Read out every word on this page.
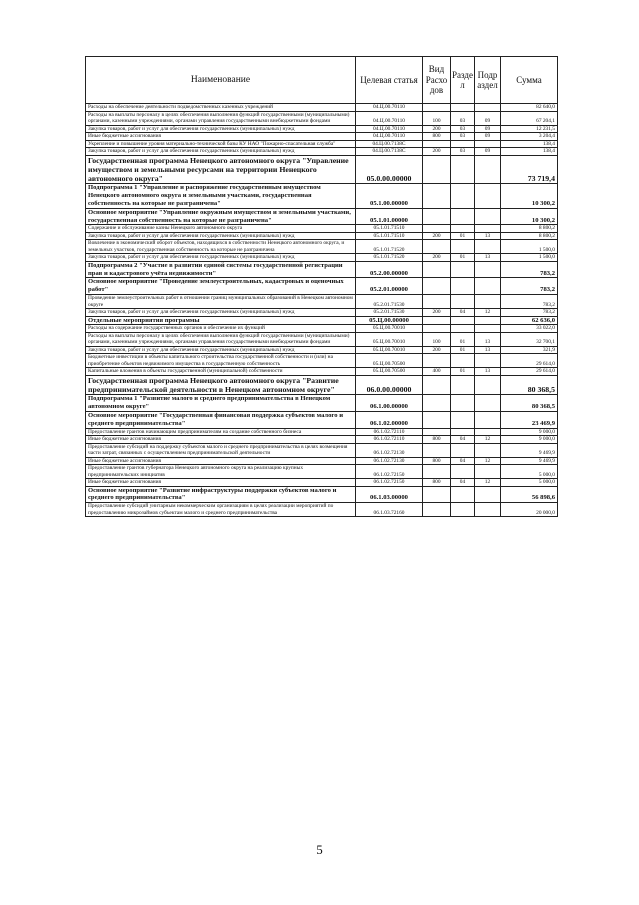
Наименование	Целевая статья	Вид Расхо дов	Разде л	Подр аздел	Сумма
Расходы на обеспечение деятельности подведомственных казенных учреждений	04.Ц.00.70110				82 640,0
Расходы на выплаты персоналу в целях обеспечения выполнения функций государственными (муниципальными) органами, казенными учреждениями, органами управления государственными внебюджетными фондами	04.Ц.00.70110	100	03	09	67 204,1
Закупка товаров, работ и услуг для обеспечения государственных (муниципальных) нужд	04.Ц.00.70110	200	03	09	12 231,5
Иные бюджетные ассигнования	04.Ц.00.70110	800	03	09	3 204,4
Укрепление и повышение уровня материально-технической базы КУ НАО "Пожарно-спасательная служба"	04.Ц.00.7138С				138,4
Закупка товаров, работ и услуг для обеспечения государственных (муниципальных) нужд	04.Ц.00.7138С	200	03	09	138,4
Государственная программа Ненецкого автономного округа "Управление имуществом и земельными ресурсами на территории Ненецкого автономного округа"	05.0.00.00000				73 719,4
Подпрограмма 1 "Управление и распоряжение государственным имуществом Ненецкого автономного округа и земельными участками, государственная собственность на которые не разграничена"	05.1.00.00000				10 300,2
Основное мероприятие "Управление окружным имуществом и земельными участками, государственная собственность на которые не разграничена"	05.1.01.00000				10 300,2
Содержание и обслуживание казны Ненецкого автономного округа	05.1.01.71510				8 800,2
Закупка товаров, работ и услуг для обеспечения государственных (муниципальных) нужд	05.1.01.71510	200	01	13	8 800,2
Вовлечение в экономический оборот объектов, находящихся в собственности Ненецкого автономного округа, и земельных участков, государственная собственность на которые не разграничена	05.1.01.71520				1 500,0
Закупка товаров, работ и услуг для обеспечения государственных (муниципальных) нужд	05.1.01.71520	200	01	13	1 500,0
Подпрограмма 2 "Участие в развитии единой системы государственной регистрации прав и кадастрового учёта недвижимости"	05.2.00.00000				783,2
Основное мероприятие "Проведение землеустроительных, кадастровых и оценочных работ"	05.2.01.00000				783,2
Проведение землеустроительных работ в отношении границ муниципальных образований в Ненецком автономном округе	05.2.01.71530				783,2
Закупка товаров, работ и услуг для обеспечения государственных (муниципальных) нужд	05.2.01.71530	200	04	12	783,2
Отдельные мероприятия программы	05.Ц.00.00000				62 636,0
Расходы на содержание государственных органов и обеспечение их функций	05.Ц.00.70010				33 022,0
Расходы на выплаты персоналу в целях обеспечения выполнения функций государственными (муниципальными) органами, казенными учреждениями, органами управления государственными внебюджетными фондами	05.Ц.00.70010	100	01	13	32 700,1
Закупка товаров, работ и услуг для обеспечения государственных (муниципальных) нужд	05.Ц.00.70010	200	01	13	321,9
Бюджетные инвестиции в объекты капитального строительства государственной собственности и (или) на приобретение объектов недвижимого имущества в государственную собственность	05.Ц.00.70500				29 614,0
Капитальные вложения в объекты государственной (муниципальной) собственности	05.Ц.00.70500	400	01	13	29 614,0
Государственная программа Ненецкого автономного округа "Развитие предпринимательской деятельности в Ненецком автономном округе"	06.0.00.00000				80 368,5
Подпрограмма 1 "Развитие малого и среднего предпринимательства в Ненецком автономном округе"	06.1.00.00000				80 368,5
Основное мероприятие "Государственная финансовая поддержка субъектов малого и среднего предпринимательства"	06.1.02.00000				23 469,9
Предоставление грантов начинающим предпринимателям на создание собственного бизнеса	06.1.02.72110				9 000,0
Иные бюджетные ассигнования	06.1.02.72110	800	04	12	9 000,0
Предоставление субсидий на поддержку субъектов малого и среднего предпринимательства в целях возмещения части затрат, связанных с осуществлением предпринимательской деятельности	06.1.02.72130				9 469,9
Иные бюджетные ассигнования	06.1.02.72130	800	04	12	9 469,9
Предоставление грантов губернатора Ненецкого автономного округа на реализацию крупных предпринимательских инициатив	06.1.02.72150				5 000,0
Иные бюджетные ассигнования	06.1.02.72150	800	04	12	5 000,0
Основное мероприятие "Развитие инфраструктуры поддержки субъектов малого и среднего предпринимательства"	06.1.03.00000				56 898,6
Предоставление субсидий унитарным некоммерческим организациям в целях реализации мероприятий по предоставлению микрозаймов субъектам малого и среднего предпринимательства	06.1.03.72160				20 000,0
5
